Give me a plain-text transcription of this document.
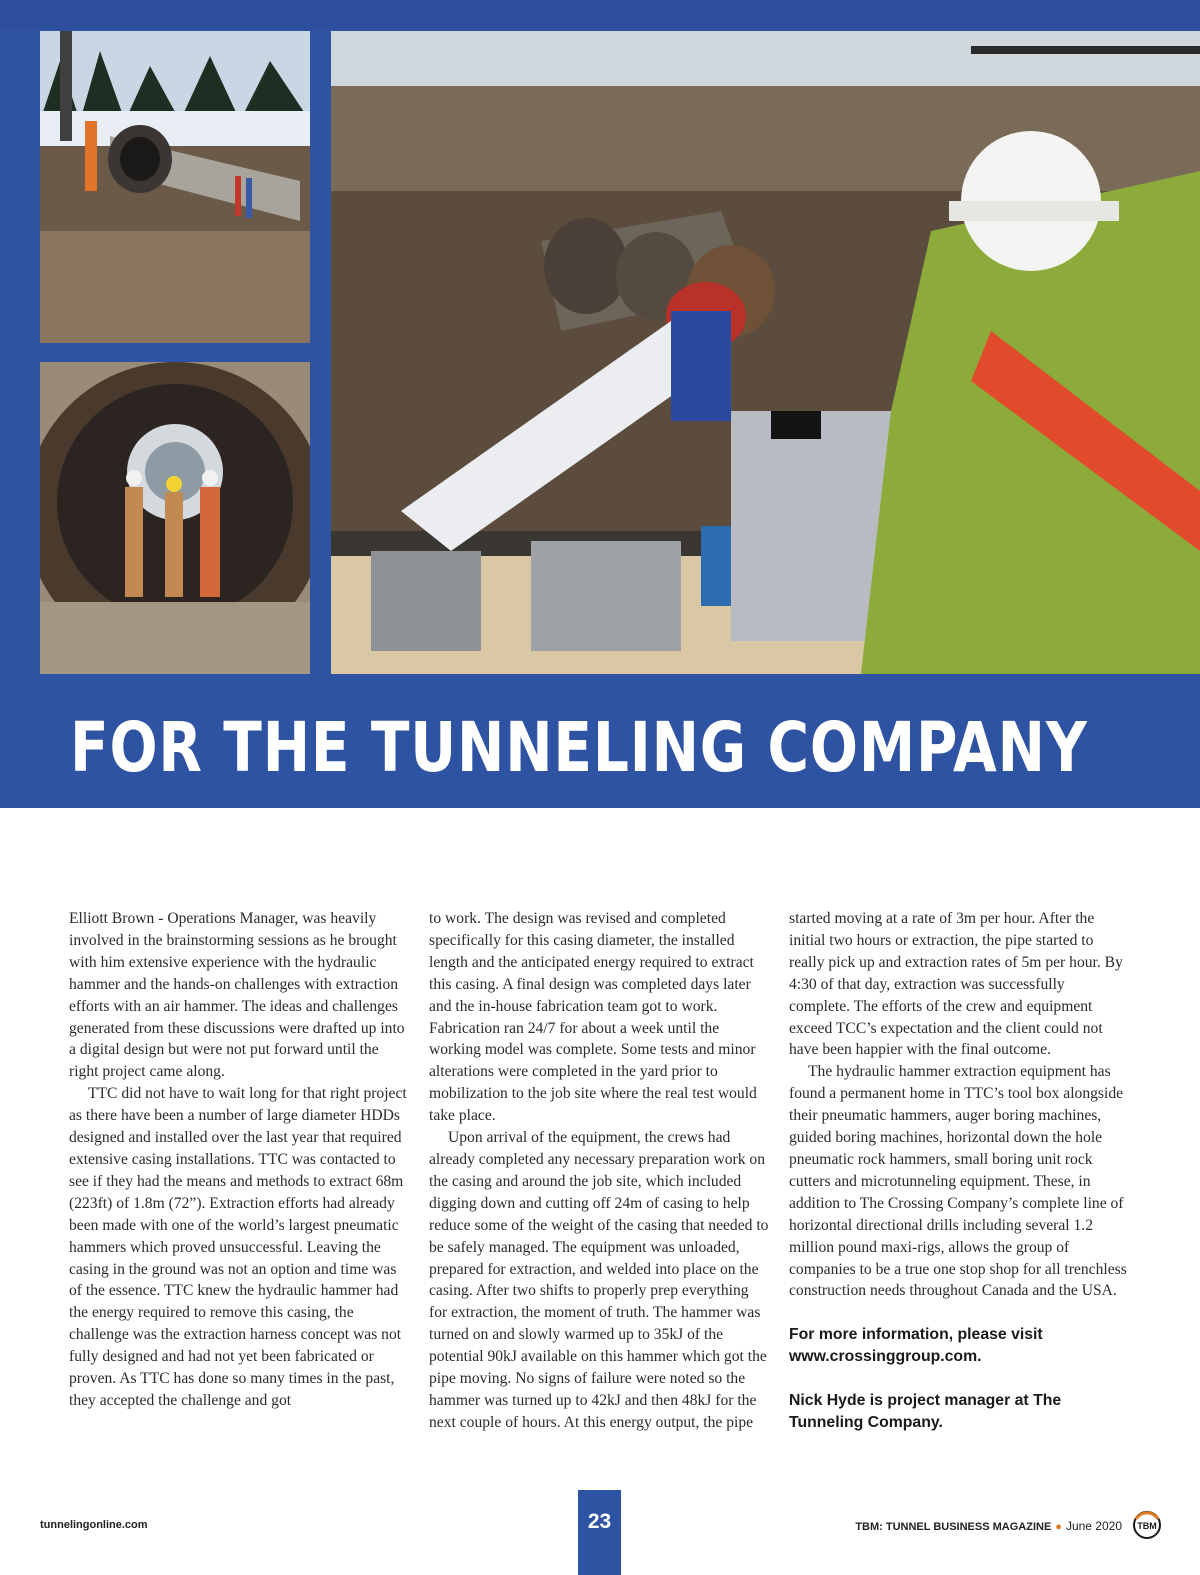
FOR THE TUNNELING COMPANY

Elliott Brown - Operations Manager, was heavily involved in the brainstorming sessions as he brought with him extensive experience with the hydraulic hammer and the hands-on challenges with extraction efforts with an air hammer. The ideas and challenges generated from these discussions were drafted up into a digital design but were not put forward until the right project came along.

TTC did not have to wait long for that right project as there have been a number of large diameter HDDs designed and installed over the last year that required extensive casing installations. TTC was contacted to see if they had the means and methods to extract 68m (223ft) of 1.8m (72”). Extraction efforts had already been made with one of the world’s largest pneumatic hammers which proved unsuccessful. Leaving the casing in the ground was not an option and time was of the essence. TTC knew the hydraulic hammer had the energy required to remove this casing, the challenge was the extraction harness concept was not fully designed and had not yet been fabricated or proven. As TTC has done so many times in the past, they accepted the challenge and got

to work. The design was revised and completed specifically for this casing diameter, the installed length and the anticipated energy required to extract this casing. A final design was completed days later and the in-house fabrication team got to work. Fabrication ran 24/7 for about a week until the working model was complete. Some tests and minor alterations were completed in the yard prior to mobilization to the job site where the real test would take place.

Upon arrival of the equipment, the crews had already completed any necessary preparation work on the casing and around the job site, which included digging down and cutting off 24m of casing to help reduce some of the weight of the casing that needed to be safely managed. The equipment was unloaded, prepared for extraction, and welded into place on the casing. After two shifts to properly prep everything for extraction, the moment of truth. The hammer was turned on and slowly warmed up to 35kJ of the potential 90kJ available on this hammer which got the pipe moving. No signs of failure were noted so the hammer was turned up to 42kJ and then 48kJ for the next couple of hours. At this energy output, the pipe

started moving at a rate of 3m per hour. After the initial two hours or extraction, the pipe started to really pick up and extraction rates of 5m per hour. By 4:30 of that day, extraction was successfully complete. The efforts of the crew and equipment exceed TCC’s expectation and the client could not have been happier with the final outcome.

The hydraulic hammer extraction equipment has found a permanent home in TTC’s tool box alongside their pneumatic hammers, auger boring machines, guided boring machines, horizontal down the hole pneumatic rock hammers, small boring unit rock cutters and microtunneling equipment. These, in addition to The Crossing Company’s complete line of horizontal directional drills including several 1.2 million pound maxi-rigs, allows the group of companies to be a true one stop shop for all trenchless construction needs throughout Canada and the USA.

For more information, please visit www.crossinggroup.com.

Nick Hyde is project manager at The Tunneling Company.

tunnelingonline.com	23	TBM: TUNNEL BUSINESS MAGAZINE ● June 2020 TBM
